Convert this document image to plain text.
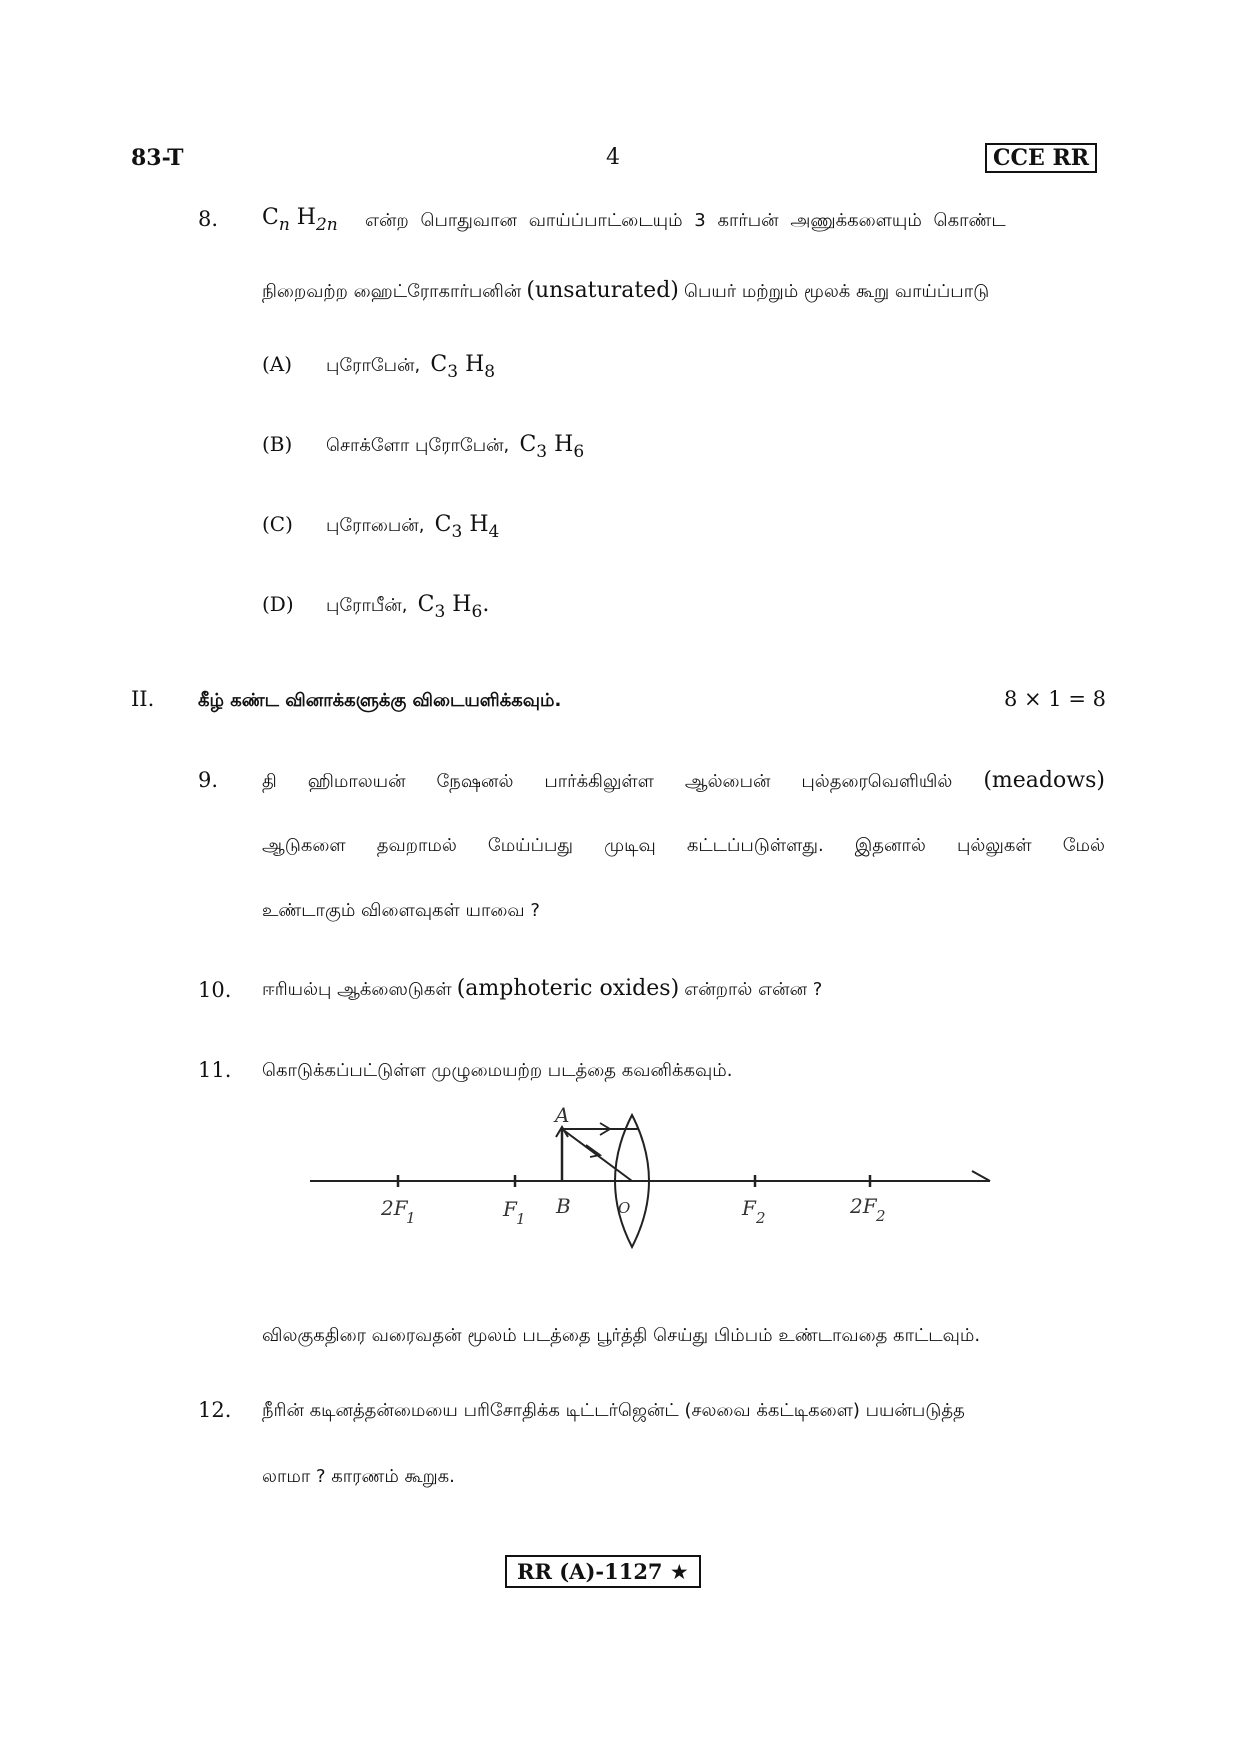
83-T	4	CCE RR
8. $C_n$ $H_{2n}$ என்ற பொதுவான வாய்ப்பாட்டையும் 3 கார்பன் அணுக்களையும் கொண்ட
நிறைவற்ற ஹைட்ரோகார்பனின் (unsaturated) பெயர் மற்றும் மூலக் கூறு வாய்ப்பாடு
(A) புரோபேன், $C_3$ $H_8$
(B) சொக்ளோ புரோபேன், $C_3$ $H_6$
(C) புரோபைன், $C_3$ $H_4$
(D) புரோபீன், $C_3$ $H_6$.
II. கீழ் கண்ட வினாக்களுக்கு விடையளிக்கவும்.	8 × 1 = 8
9. தி ஹிமாலயன் நேஷனல் பார்க்கிலுள்ள ஆல்பைன் புல்தரைவெளியில் (meadows)
ஆடுகளை தவறாமல் மேய்ப்பது முடிவு கட்டப்படுள்ளது. இதனால் புல்லுகள் மேல்
உண்டாகும் விளைவுகள் யாவை ?
10. ஈரியல்பு ஆக்ஸைடுகள் (amphoteric oxides) என்றால் என்ன ?
11. கொடுக்கப்பட்டுள்ள முழுமையற்ற படத்தை கவனிக்கவும்.
A
B	O
2F
1	F 1	F 2	2F 2
விலகுகதிரை வரைவதன் மூலம் படத்தை பூர்த்தி செய்து பிம்பம் உண்டாவதை காட்டவும்.
12. நீரின் கடினத்தன்மையை பரிசோதிக்க டிட்டர்ஜென்ட் (சலவை க்கட்டிகளை) பயன்படுத்த
லாமா ? காரணம் கூறுக.
RR (A)-1127 ★
